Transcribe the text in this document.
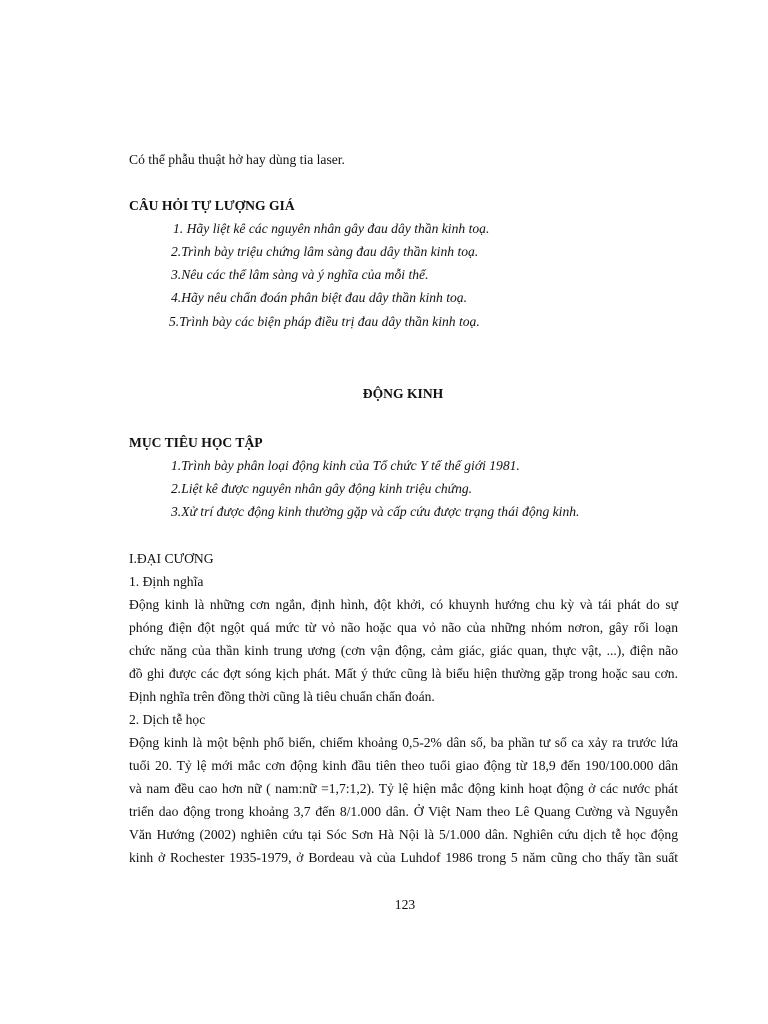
Có thể phẫu thuật hở hay dùng tia laser.
CÂU HỎI TỰ LƯỢNG GIÁ
1. Hãy liệt kê các nguyên nhân gây đau dây thần kinh toạ.
2.Trình bày triệu chứng lâm sàng đau dây thần kinh toạ.
3.Nêu các thể lâm sàng và ý nghĩa của mỗi thể.
4.Hãy nêu chẩn đoán phân biệt đau dây thần kinh toạ.
5.Trình bày các biện pháp điều trị đau dây thần kinh toạ.
ĐỘNG KINH
MỤC TIÊU HỌC TẬP
1.Trình bày phân loại động kinh của Tổ chức Y tế thế giới 1981.
2.Liệt kê được nguyên nhân gây động kinh triệu chứng.
3.Xử trí được động kinh thường gặp và cấp cứu được trạng thái động kinh.
I.ĐẠI CƯƠNG
1. Định nghĩa
Động kinh là những cơn ngắn, định hình, đột khởi, có khuynh hướng chu kỳ và tái phát do sự
phóng điện đột ngột quá mức từ vỏ não hoặc qua vỏ não của những nhóm nơron, gây rối loạn
chức năng của thần kinh trung ương (cơn vận động, cảm giác, giác quan, thực vật, ...), điện não
đồ ghi được các đợt sóng kịch phát. Mất ý thức cũng là biểu hiện thường gặp trong hoặc sau cơn.
Định nghĩa trên đồng thời cũng là tiêu chuẩn chẩn đoán.
2. Dịch tễ học
Động kinh là một bệnh phổ biến, chiếm khoảng 0,5-2% dân số, ba phần tư số ca xảy ra trước lứa
tuổi 20. Tỷ lệ mới mắc cơn động kinh đầu tiên theo tuổi giao động từ 18,9 đến 190/100.000 dân
và nam đều cao hơn nữ ( nam:nữ =1,7:1,2). Tỷ lệ hiện mắc động kinh hoạt động ở các nước phát
triển dao động trong khoảng 3,7 đến 8/1.000 dân. Ở Việt Nam theo Lê Quang Cường và Nguyễn
Văn Hướng (2002) nghiên cứu tại Sóc Sơn Hà Nội là 5/1.000 dân. Nghiên cứu dịch tễ học động
kinh ở Rochester 1935-1979, ở Bordeau và của Luhdof 1986 trong 5 năm cũng cho thấy tần suất
123
